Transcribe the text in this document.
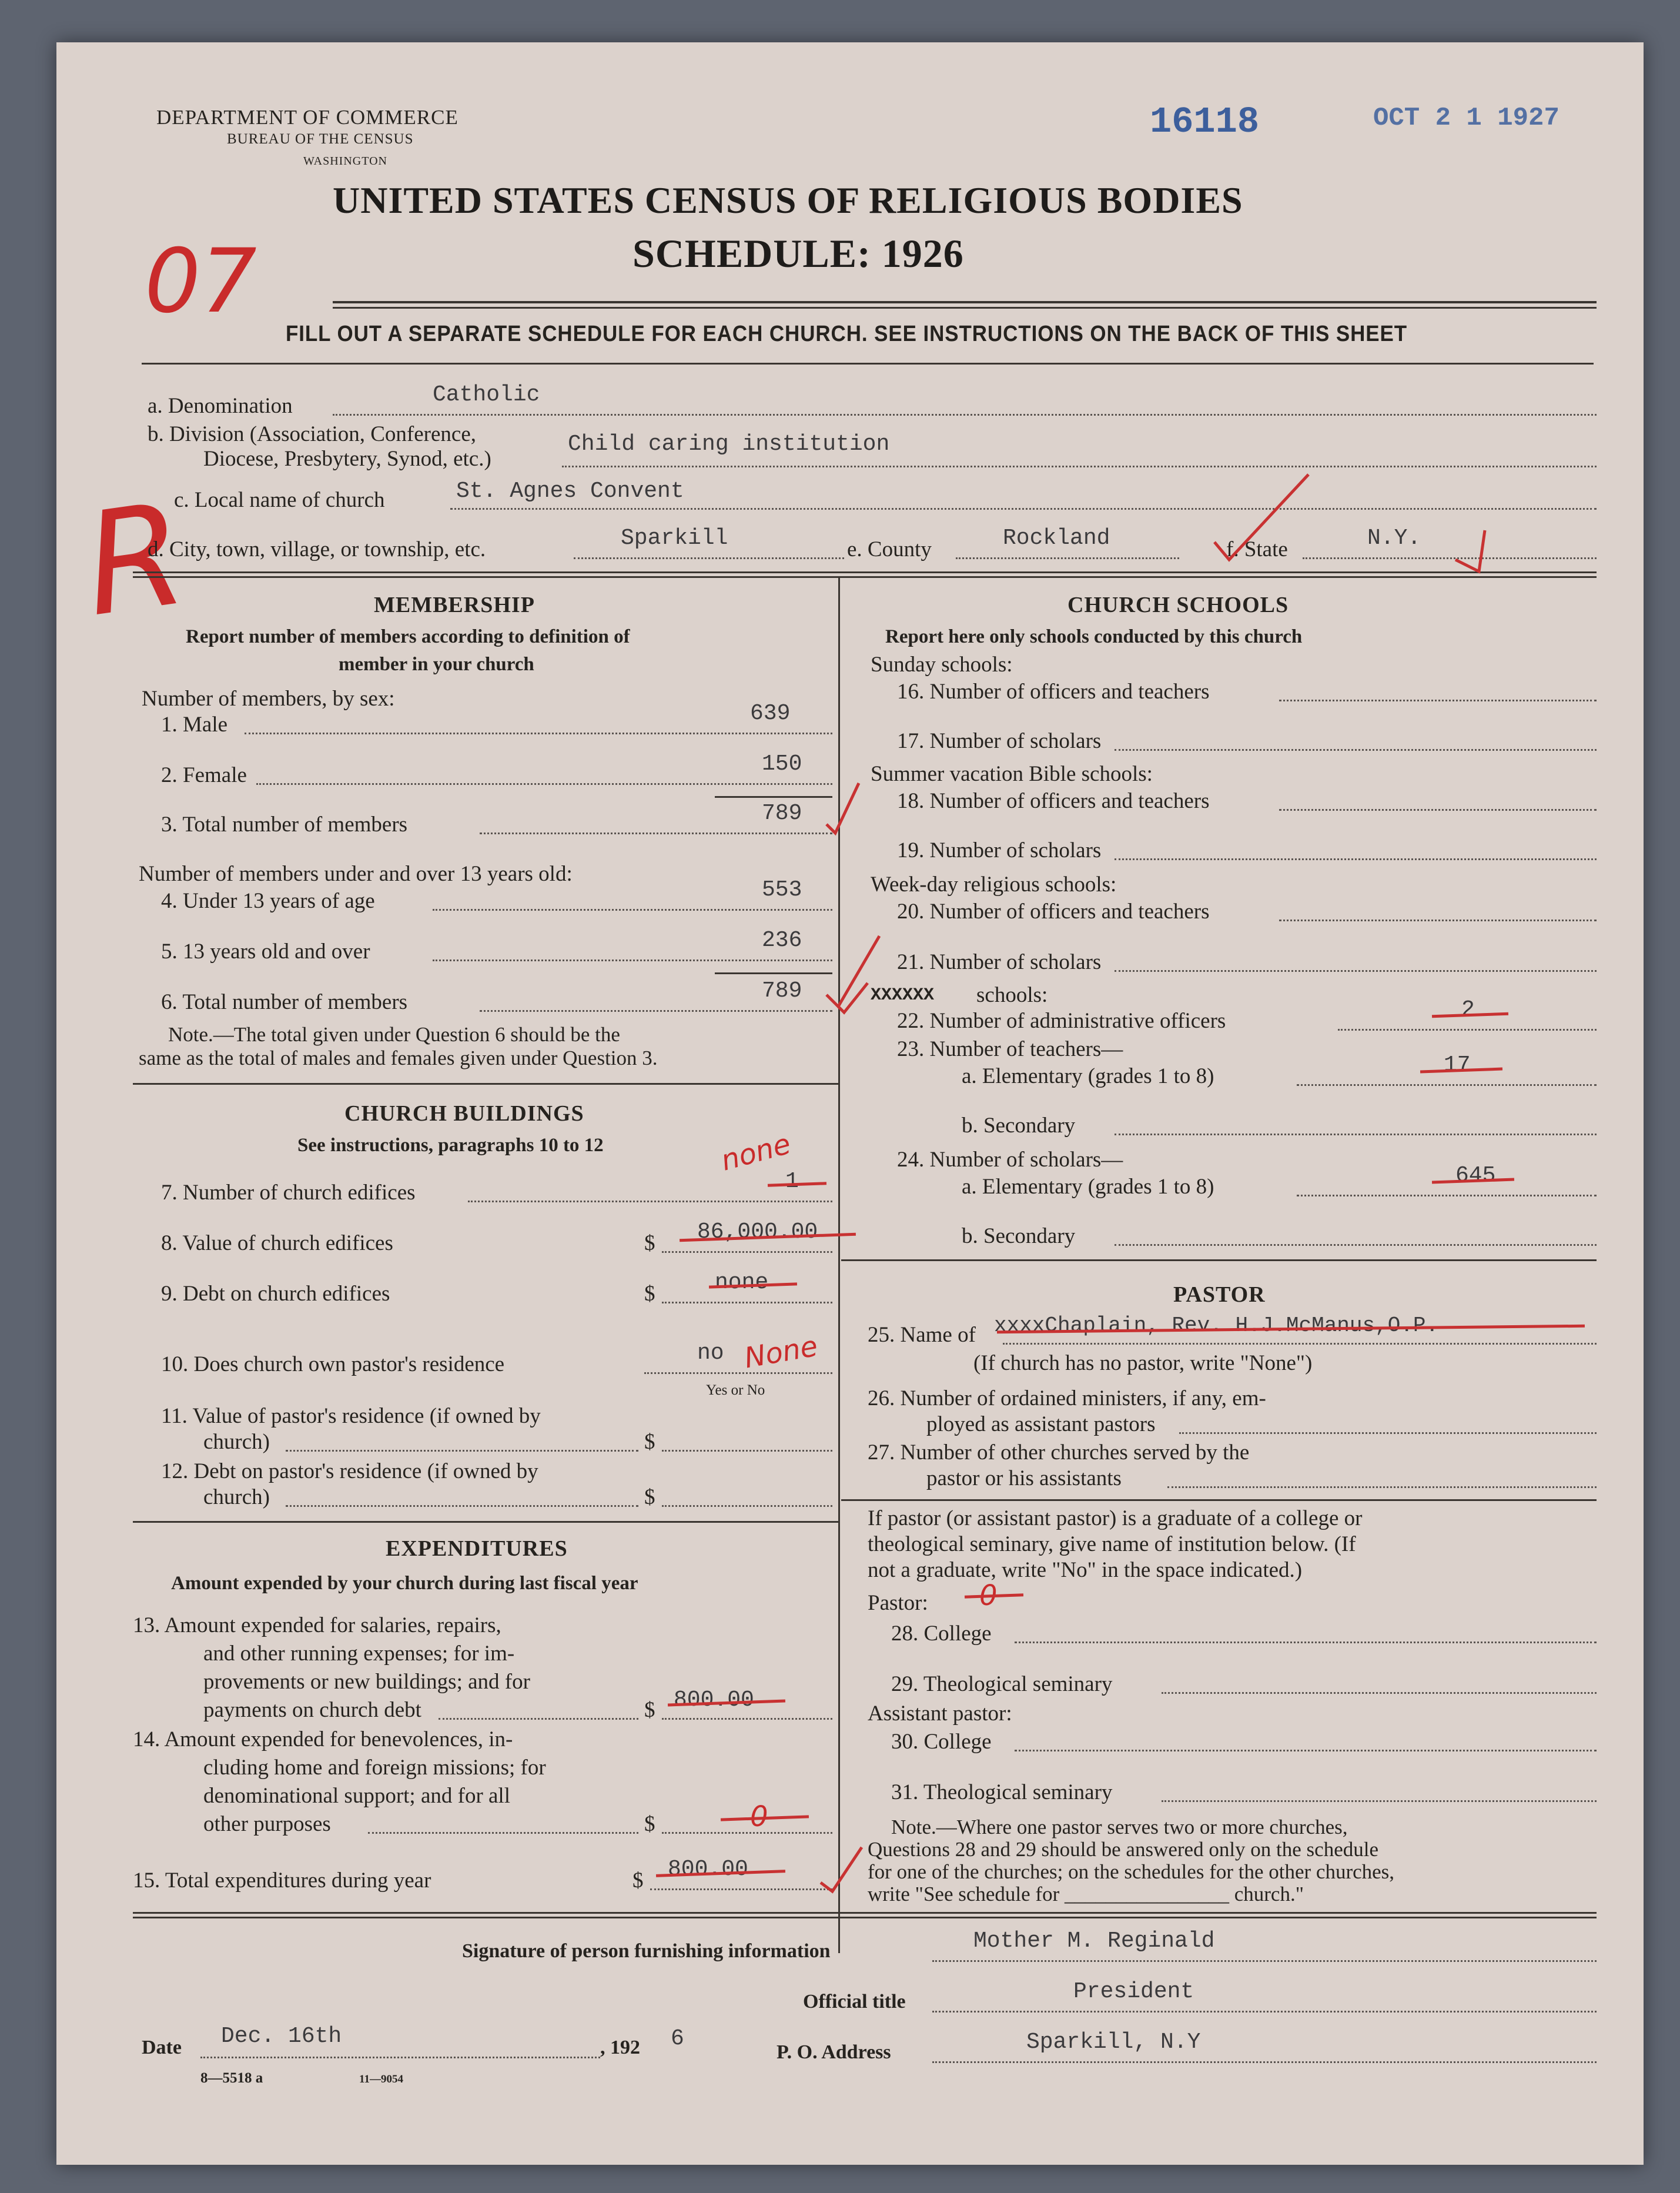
DEPARTMENT OF COMMERCE
BUREAU OF THE CENSUS
WASHINGTON
16118	OCT 2 1 1927
UNITED STATES CENSUS OF RELIGIOUS BODIES
SCHEDULE: 1926
07
R
FILL OUT A SEPARATE SCHEDULE FOR EACH CHURCH. SEE INSTRUCTIONS ON THE BACK OF THIS SHEET
a. Denomination	Catholic
b. Division (Association, Conference,
Diocese, Presbytery, Synod, etc.)
Child caring institution
c. Local name of church	St. Agnes Convent
d. City, town, village, or township, etc.	Sparkill	e. County	Rockland	f. State	N.Y.
MEMBERSHIP
Report number of members according to definition of
member in your church
Number of members, by sex:
1. Male	639
2. Female	150
3. Total number of members	789
Number of members under and over 13 years old:
4. Under 13 years of age	553
5. 13 years old and over	236
6. Total number of members	789
Note.—The total given under Question 6 should be the
same as the total of males and females given under Question 3.
CHURCH BUILDINGS
See instructions, paragraphs 10 to 12	none
7. Number of church edifices	1
8. Value of church edifices	$ 86,000.00
9. Debt on church edifices	$	none
10. Does church own pastor's residence	no None
Yes or No
11. Value of pastor's residence (if owned by
church)	$
12. Debt on pastor's residence (if owned by
church)	$
EXPENDITURES
Amount expended by your church during last fiscal year
13. Amount expended for salaries, repairs,
and other running expenses; for im-
provements or new buildings; and for
payments on church debt	$ 800.00
14. Amount expended for benevolences, in-
cluding home and foreign missions; for
denominational support; and for all
other purposes	$	0
15. Total expenditures during year	$ 800.00
CHURCH SCHOOLS
Report here only schools conducted by this church
Sunday schools:
16. Number of officers and teachers
17. Number of scholars
Summer vacation Bible schools:
18. Number of officers and teachers
19. Number of scholars
Week-day religious schools:
20. Number of officers and teachers
21. Number of scholars
XXXXXX schools:
22. Number of administrative officers	2
23. Number of teachers—
a. Elementary (grades 1 to 8)	17
b. Secondary
24. Number of scholars—
a. Elementary (grades 1 to 8)	645
b. Secondary
PASTOR
25. Name of xxxxChaplain, Rev. H.J.McManus,O.P.
(If church has no pastor, write "None")
26. Number of ordained ministers, if any, em-
ployed as assistant pastors
27. Number of other churches served by the
pastor or his assistants
If pastor (or assistant pastor) is a graduate of a college or
theological seminary, give name of institution below. (If
not a graduate, write "No" in the space indicated.)
Pastor: 0
28. College
29. Theological seminary
Assistant pastor:
30. College
31. Theological seminary
Note.—Where one pastor serves two or more churches,
Questions 28 and 29 should be answered only on the schedule
for one of the churches; on the schedules for the other churches,
write "See schedule for ________________ church."
Signature of person furnishing information	Mother M. Reginald
Official title	President
Date Dec. 16th	, 192 6
P. O. Address	Sparkill, N.Y
8—5518 a	11—9054
